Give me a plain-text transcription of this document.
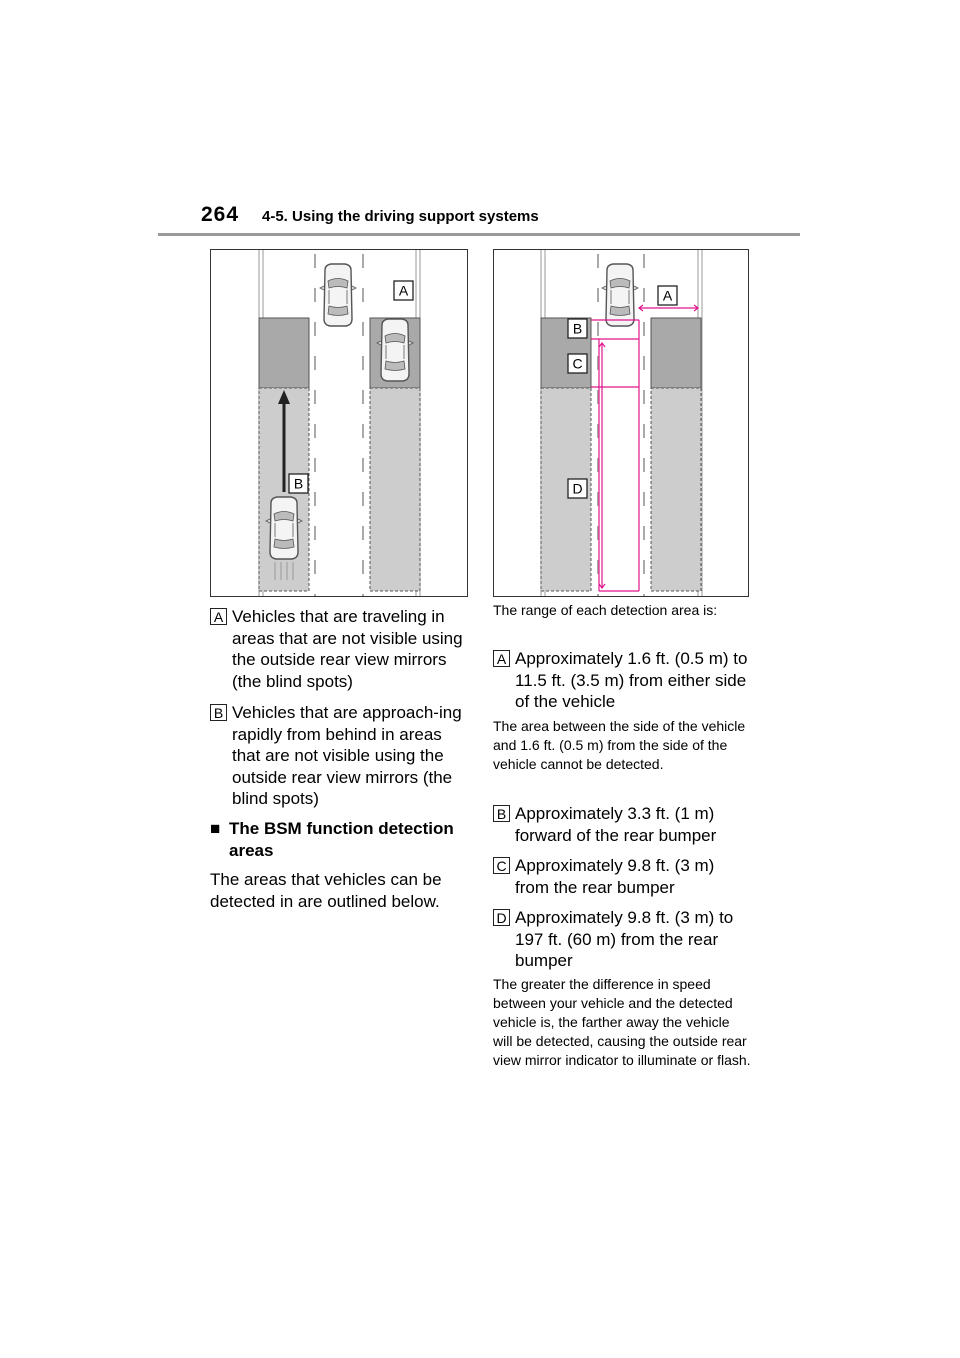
264 4-5. Using the driving support systems
A
B
A
B
C
D
A Vehicles that are traveling in areas that are not visible using the outside rear view mirrors (the blind spots)
B Vehicles that are approach-ing rapidly from behind in areas that are not visible using the outside rear view mirrors (the blind spots)
■ The BSM function detection areas
The areas that vehicles can be detected in are outlined below.
The range of each detection area is:
A Approximately 1.6 ft. (0.5 m) to 11.5 ft. (3.5 m) from either side of the vehicle
The area between the side of the vehicle and 1.6 ft. (0.5 m) from the side of the vehicle cannot be detected.
B Approximately 3.3 ft. (1 m) forward of the rear bumper
C Approximately 9.8 ft. (3 m) from the rear bumper
D Approximately 9.8 ft. (3 m) to 197 ft. (60 m) from the rear bumper
The greater the difference in speed between your vehicle and the detected vehicle is, the farther away the vehicle will be detected, causing the outside rear view mirror indicator to illuminate or flash.
